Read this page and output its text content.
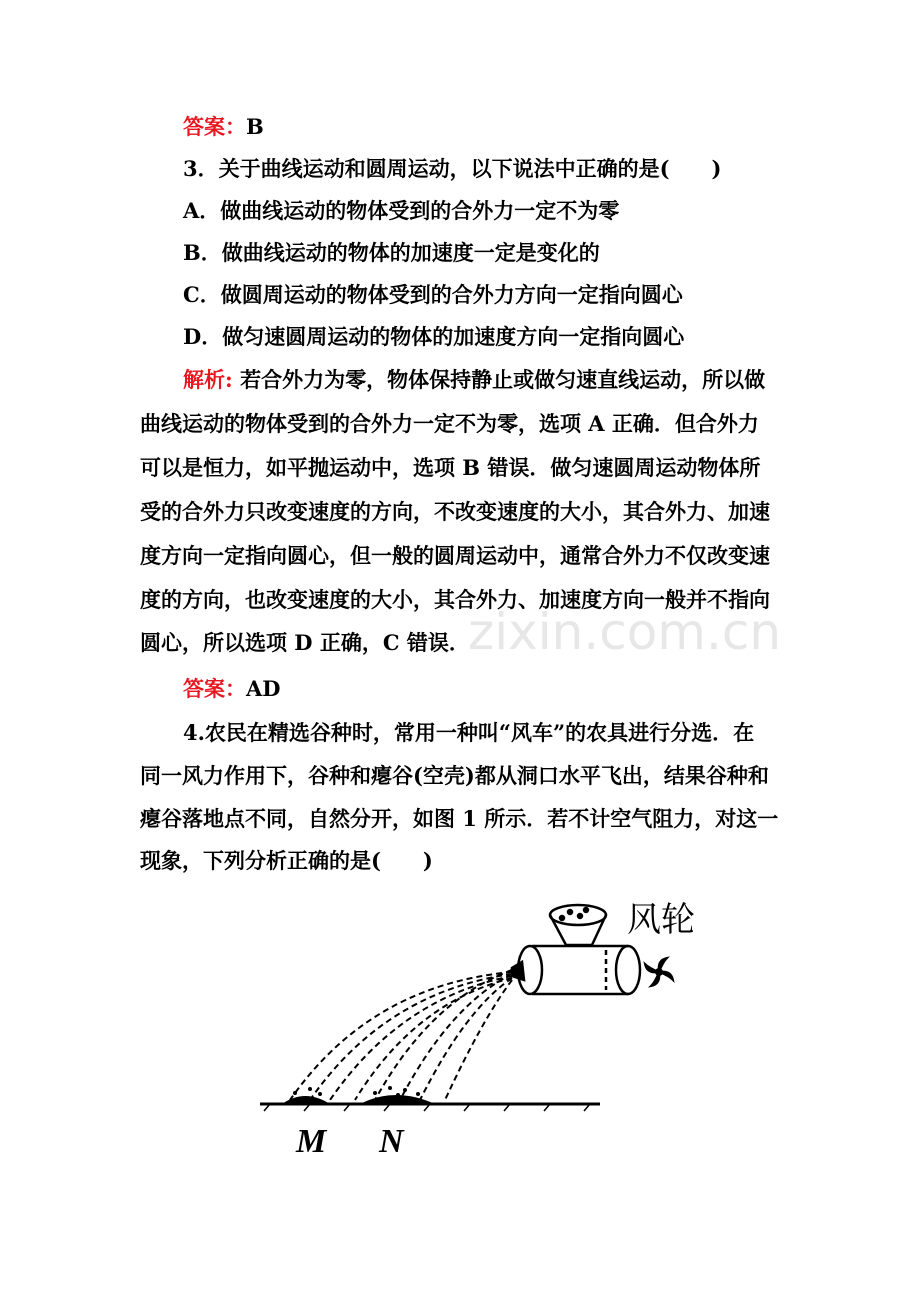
答案：B
3．关于曲线运动和圆周运动，以下说法中正确的是(　　)
A．做曲线运动的物体受到的合外力一定不为零
B．做曲线运动的物体的加速度一定是变化的
C．做圆周运动的物体受到的合外力方向一定指向圆心
D．做匀速圆周运动的物体的加速度方向一定指向圆心
解析: 若合外力为零，物体保持静止或做匀速直线运动，所以做
曲线运动的物体受到的合外力一定不为零，选项 A 正确．但合外力
可以是恒力，如平抛运动中，选项 B 错误．做匀速圆周运动物体所
受的合外力只改变速度的方向，不改变速度的大小，其合外力、加速
度方向一定指向圆心，但一般的圆周运动中，通常合外力不仅改变速
度的方向，也改变速度的大小，其合外力、加速度方向一般并不指向
圆心，所以选项 D 正确，C 错误．
zixin.com.cn
答案：AD
4.农民在精选谷种时，常用一种叫“风车”的农具进行分选．在
同一风力作用下，谷种和瘪谷(空壳)都从洞口水平飞出，结果谷种和
瘪谷落地点不同，自然分开，如图 1 所示．若不计空气阻力，对这一
现象，下列分析正确的是(　　)
风轮
M N
